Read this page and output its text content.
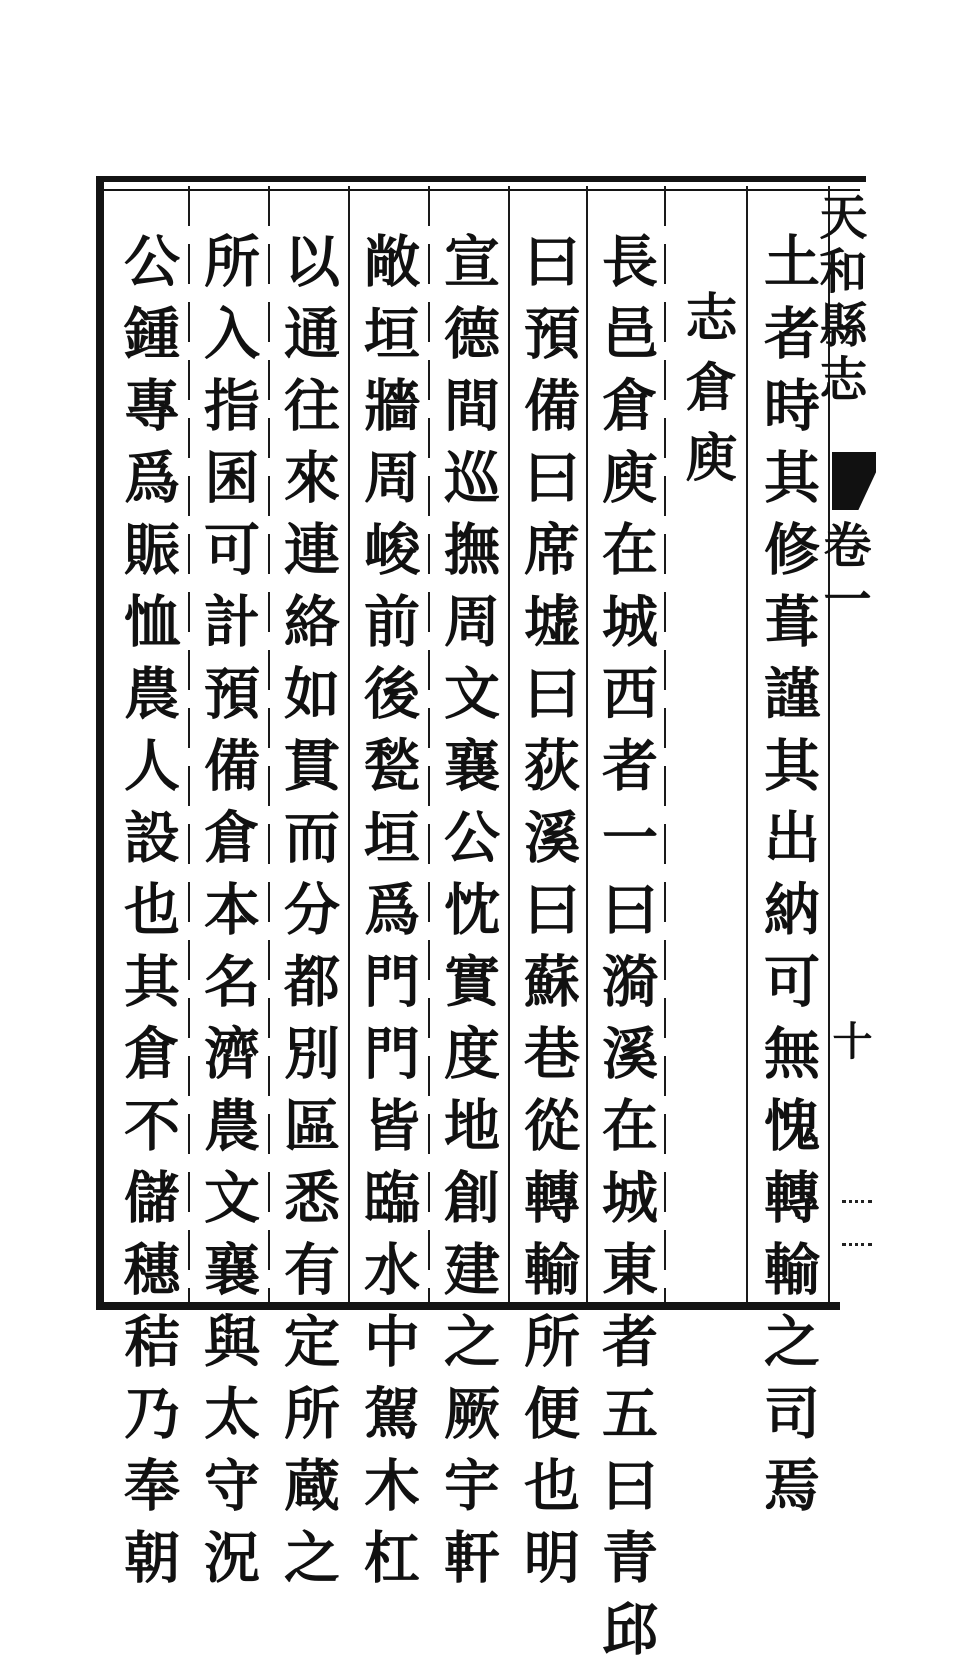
天和縣志
卷一
十
土者時其修葺謹其出納可無愧轉輸之司焉
志倉庾
長邑倉庾在城西者一曰漪溪在城東者五曰青邱
曰預備曰席墟曰荻溪曰蘇巷從轉輸所便也明
宣德間巡撫周文襄公忱實度地創建之厥宇軒
敞垣牆周峻前後甃垣爲門門皆臨水中駕木杠
以通往來連絡如貫而分都別區悉有定所蔵之
所入指囷可計預備倉本名濟農文襄與太守況
公鍾專爲賑恤農人設也其倉不儲穗秸乃奉朝
